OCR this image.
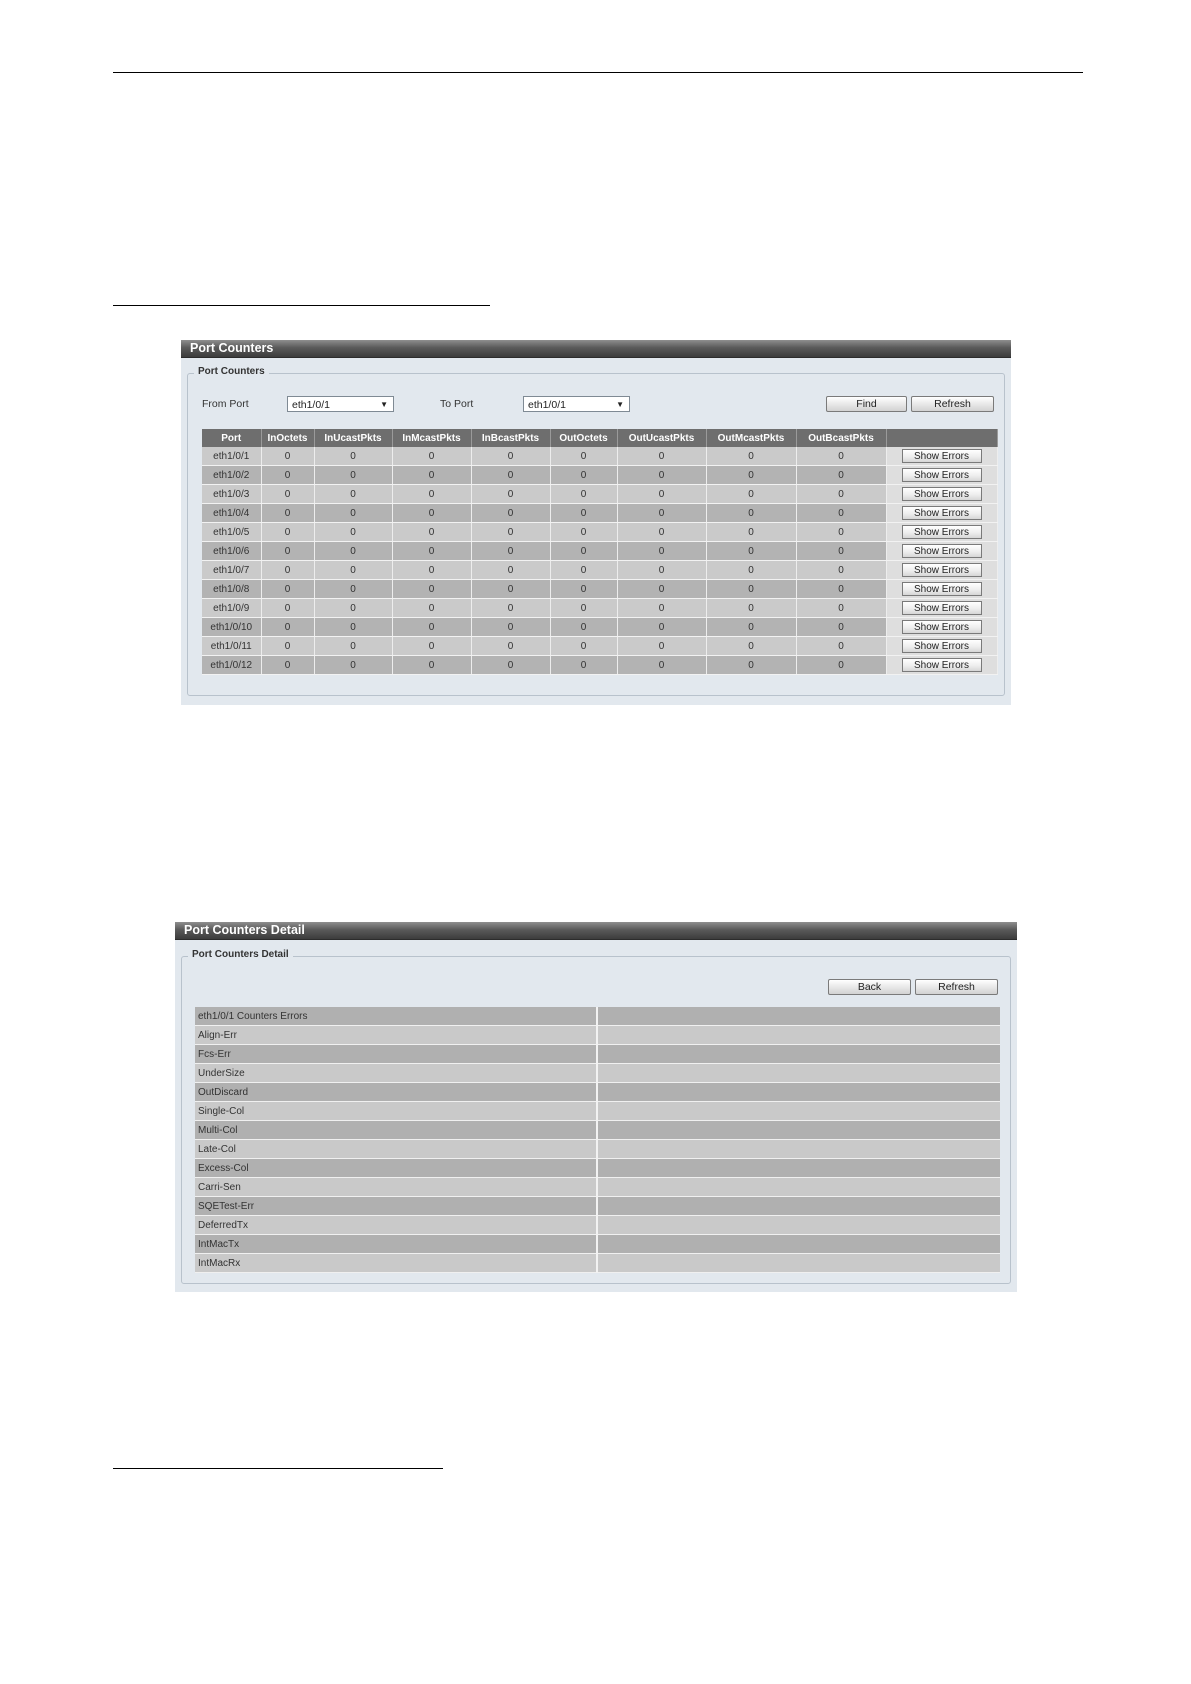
Port Counters
Port Counters
From Port	eth1/0/1	▼	To Port	eth1/0/1	▼	Find	Refresh
Port	InOctets	InUcastPkts	InMcastPkts	InBcastPkts	OutOctets	OutUcastPkts	OutMcastPkts	OutBcastPkts	
eth1/0/1	0	0	0	0	0	0	0	0	Show Errors
eth1/0/2	0	0	0	0	0	0	0	0	Show Errors
eth1/0/3	0	0	0	0	0	0	0	0	Show Errors
eth1/0/4	0	0	0	0	0	0	0	0	Show Errors
eth1/0/5	0	0	0	0	0	0	0	0	Show Errors
eth1/0/6	0	0	0	0	0	0	0	0	Show Errors
eth1/0/7	0	0	0	0	0	0	0	0	Show Errors
eth1/0/8	0	0	0	0	0	0	0	0	Show Errors
eth1/0/9	0	0	0	0	0	0	0	0	Show Errors
eth1/0/10	0	0	0	0	0	0	0	0	Show Errors
eth1/0/11	0	0	0	0	0	0	0	0	Show Errors
eth1/0/12	0	0	0	0	0	0	0	0	Show Errors
Port Counters Detail
Port Counters Detail
Back	Refresh
eth1/0/1 Counters Errors	
Align-Err	
Fcs-Err	
UnderSize	
OutDiscard	
Single-Col	
Multi-Col	
Late-Col	
Excess-Col	
Carri-Sen	
SQETest-Err	
DeferredTx	
IntMacTx	
IntMacRx	
